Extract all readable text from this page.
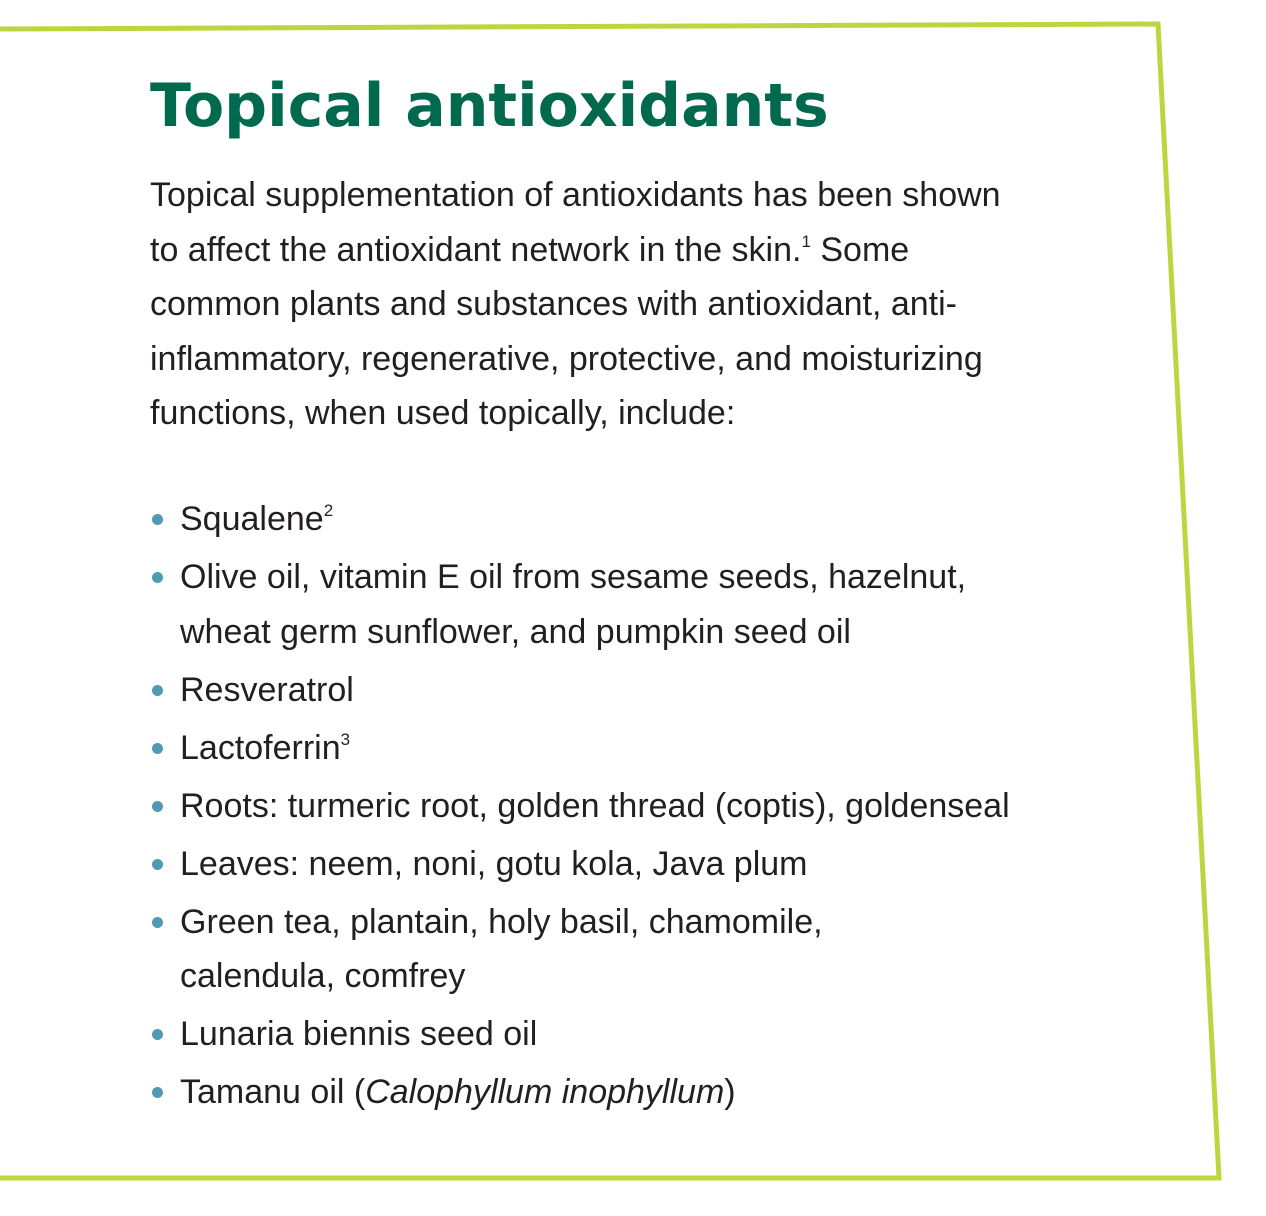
Topical antioxidants

Topical supplementation of antioxidants has been shown
to affect the antioxidant network in the skin.$^1$ Some
common plants and substances with antioxidant, anti-
inflammatory, regenerative, protective, and moisturizing
functions, when used topically, include:

Squalene$^2$
Olive oil, vitamin E oil from sesame seeds, hazelnut,
wheat germ sunflower, and pumpkin seed oil
Resveratrol
Lactoferrin$^3$
Roots: turmeric root, golden thread (coptis), goldenseal
Leaves: neem, noni, gotu kola, Java plum
Green tea, plantain, holy basil, chamomile,
calendula, comfrey
Lunaria biennis seed oil
Tamanu oil (Calophyllum inophyllum)
